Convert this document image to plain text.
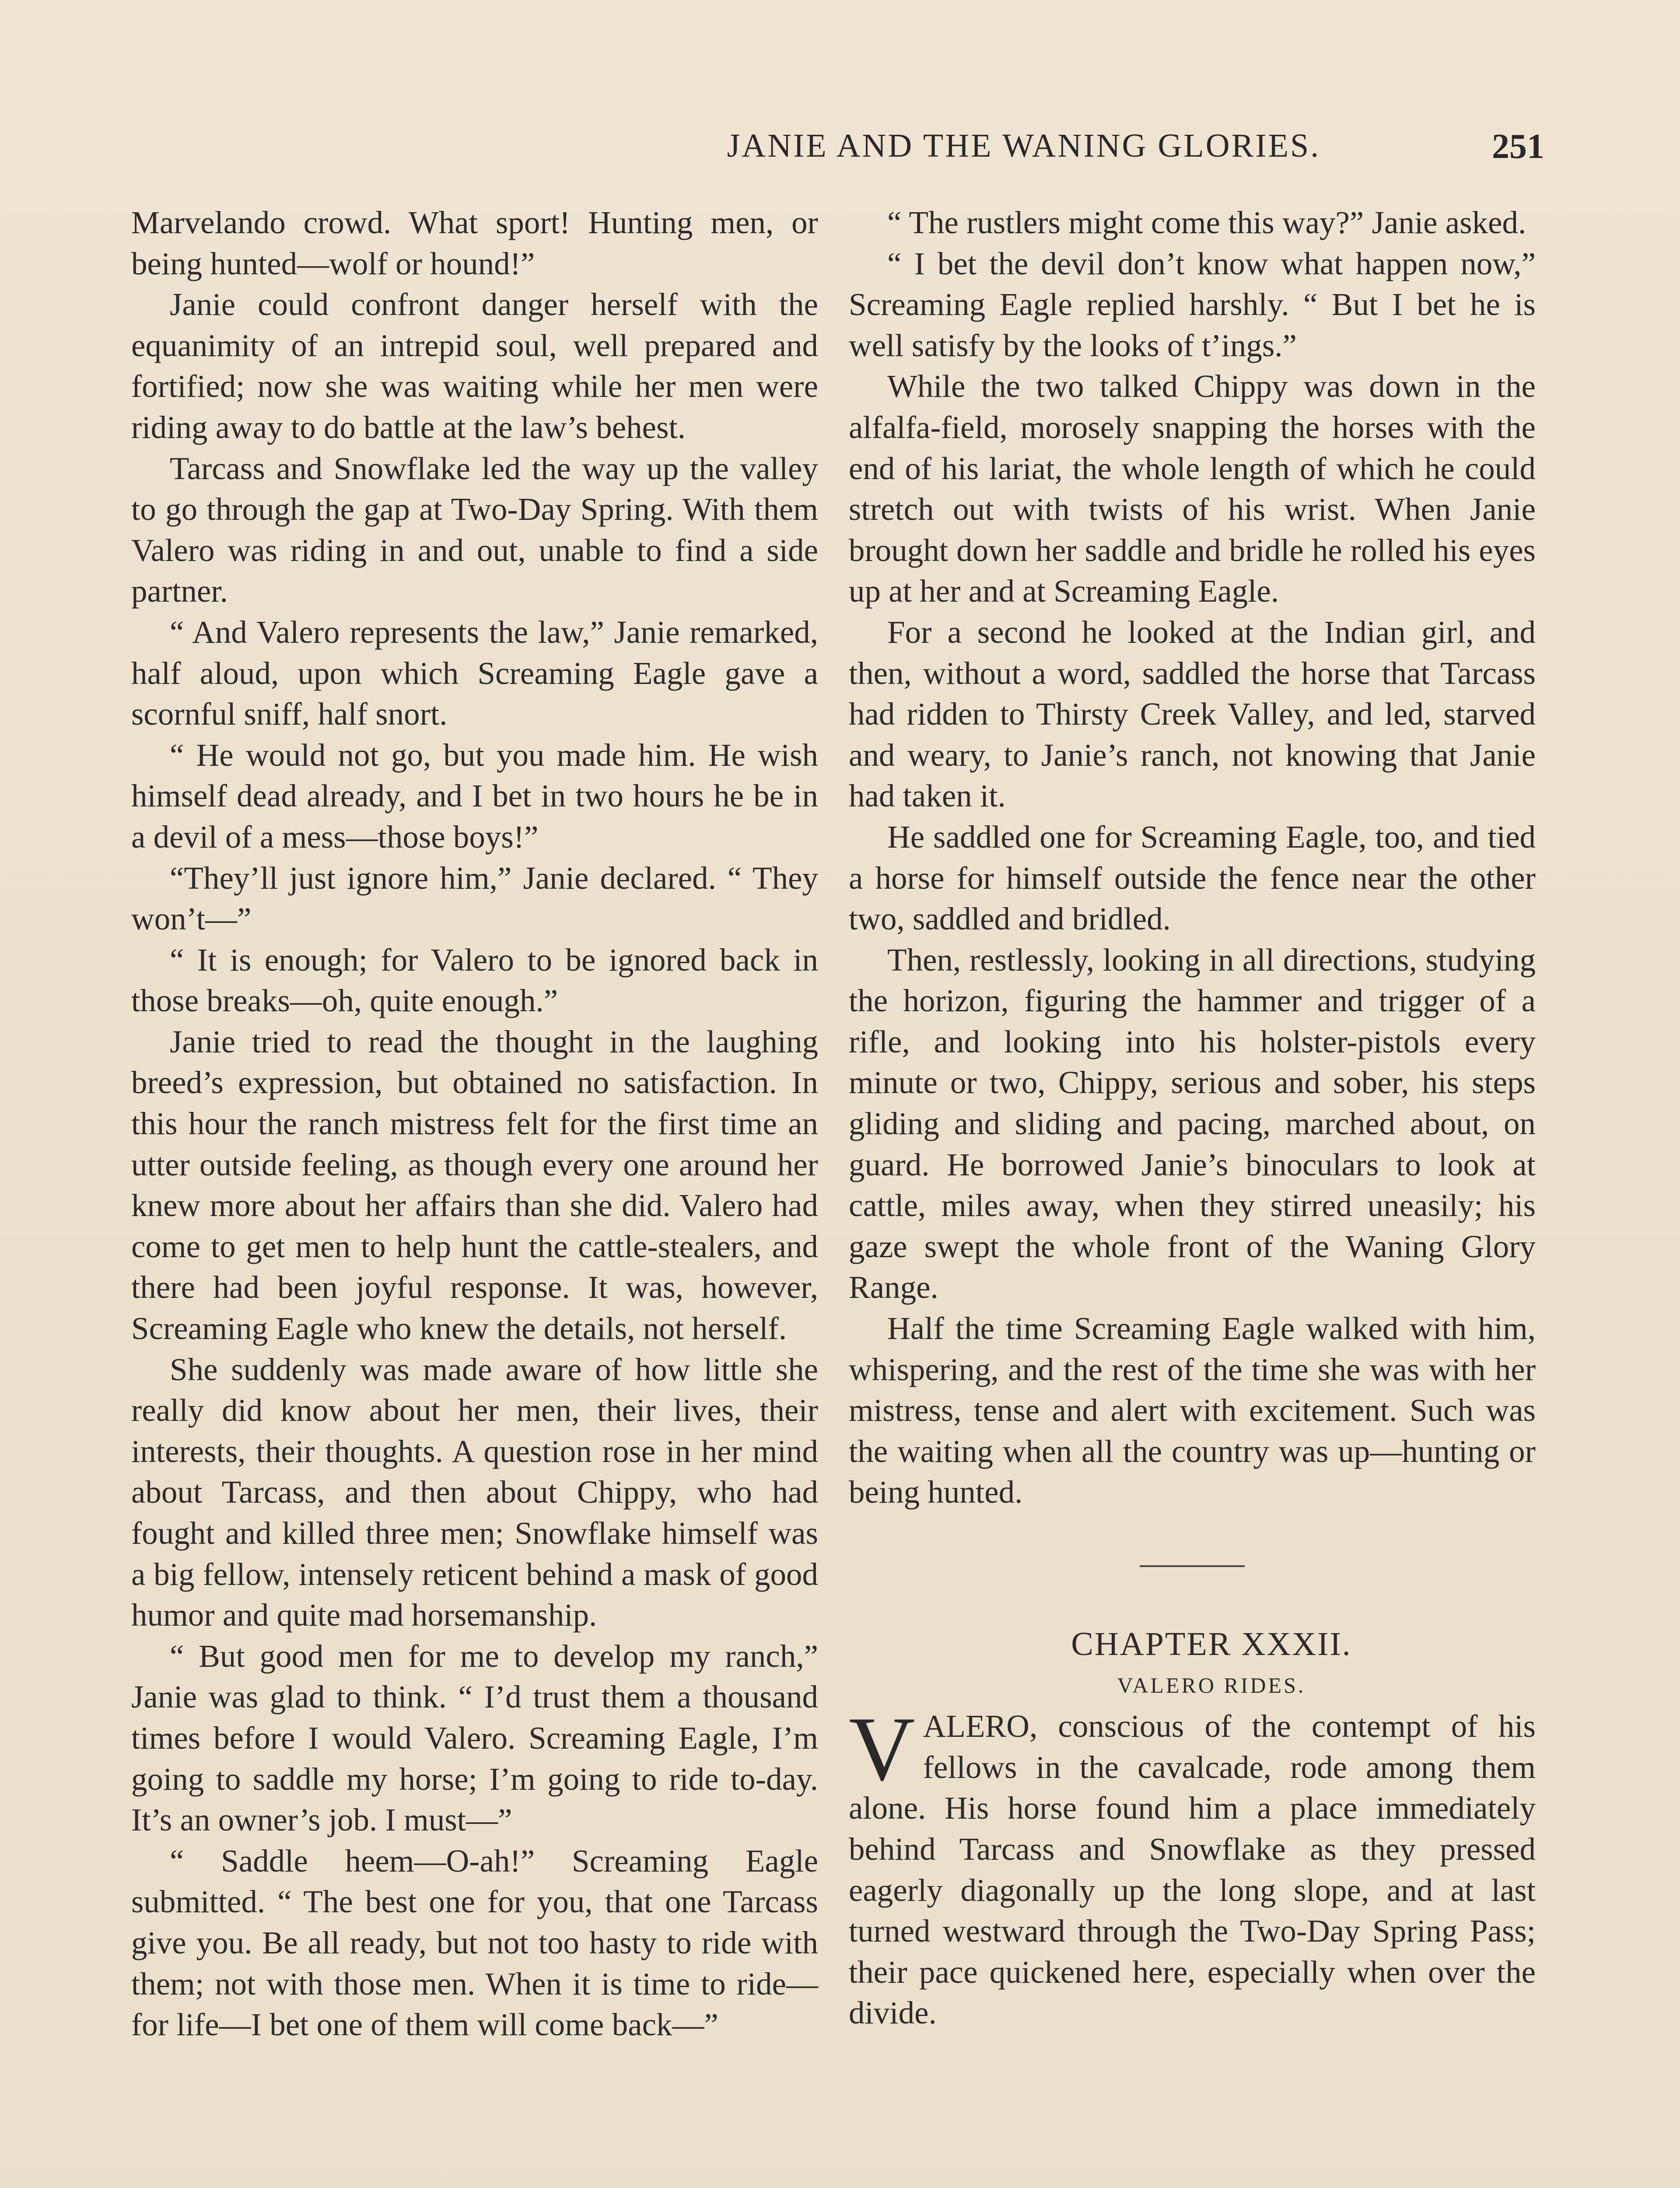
JANIE AND THE WANING GLORIES.	251

Marvelando crowd. What sport! Hunting men, or being hunted—wolf or hound!”

Janie could confront danger herself with the equanimity of an intrepid soul, well prepared and fortified; now she was waiting while her men were riding away to do battle at the law’s behest.

Tarcass and Snowflake led the way up the valley to go through the gap at Two-Day Spring. With them Valero was riding in and out, unable to find a side partner.

“ And Valero represents the law,” Janie remarked, half aloud, upon which Screaming Eagle gave a scornful sniff, half snort.

“ He would not go, but you made him. He wish himself dead already, and I bet in two hours he be in a devil of a mess—those boys!”

“They’ll just ignore him,” Janie declared. “ They won’t—”

“ It is enough; for Valero to be ignored back in those breaks—oh, quite enough.”

Janie tried to read the thought in the laughing breed’s expression, but obtained no satisfaction. In this hour the ranch mistress felt for the first time an utter outside feeling, as though every one around her knew more about her affairs than she did. Valero had come to get men to help hunt the cattle-stealers, and there had been joyful response. It was, however, Screaming Eagle who knew the details, not herself.

She suddenly was made aware of how little she really did know about her men, their lives, their interests, their thoughts. A question rose in her mind about Tarcass, and then about Chippy, who had fought and killed three men; Snowflake himself was a big fellow, intensely reticent behind a mask of good humor and quite mad horsemanship.

“ But good men for me to develop my ranch,” Janie was glad to think. “ I’d trust them a thousand times before I would Valero. Screaming Eagle, I’m going to saddle my horse; I’m going to ride to-day. It’s an owner’s job. I must—”

“ Saddle heem—O-ah!” Screaming Eagle submitted. “ The best one for you, that one Tarcass give you. Be all ready, but not too hasty to ride with them; not with those men. When it is time to ride—for life—I bet one of them will come back—”

“ The rustlers might come this way?” Janie asked.

“ I bet the devil don’t know what happen now,” Screaming Eagle replied harshly. “ But I bet he is well satisfy by the looks of t’ings.”

While the two talked Chippy was down in the alfalfa-field, morosely snapping the horses with the end of his lariat, the whole length of which he could stretch out with twists of his wrist. When Janie brought down her saddle and bridle he rolled his eyes up at her and at Screaming Eagle.

For a second he looked at the Indian girl, and then, without a word, saddled the horse that Tarcass had ridden to Thirsty Creek Valley, and led, starved and weary, to Janie’s ranch, not knowing that Janie had taken it.

He saddled one for Screaming Eagle, too, and tied a horse for himself outside the fence near the other two, saddled and bridled.

Then, restlessly, looking in all directions, studying the horizon, figuring the hammer and trigger of a rifle, and looking into his holster-pistols every minute or two, Chippy, serious and sober, his steps gliding and sliding and pacing, marched about, on guard. He borrowed Janie’s binoculars to look at cattle, miles away, when they stirred uneasily; his gaze swept the whole front of the Waning Glory Range.

Half the time Screaming Eagle walked with him, whispering, and the rest of the time she was with her mistress, tense and alert with excitement. Such was the waiting when all the country was up—hunting or being hunted.

CHAPTER XXXII.

VALERO RIDES.

VALERO, conscious of the contempt of his fellows in the cavalcade, rode among them alone. His horse found him a place immediately behind Tarcass and Snowflake as they pressed eagerly diagonally up the long slope, and at last turned westward through the Two-Day Spring Pass; their pace quickened here, especially when over the divide.
